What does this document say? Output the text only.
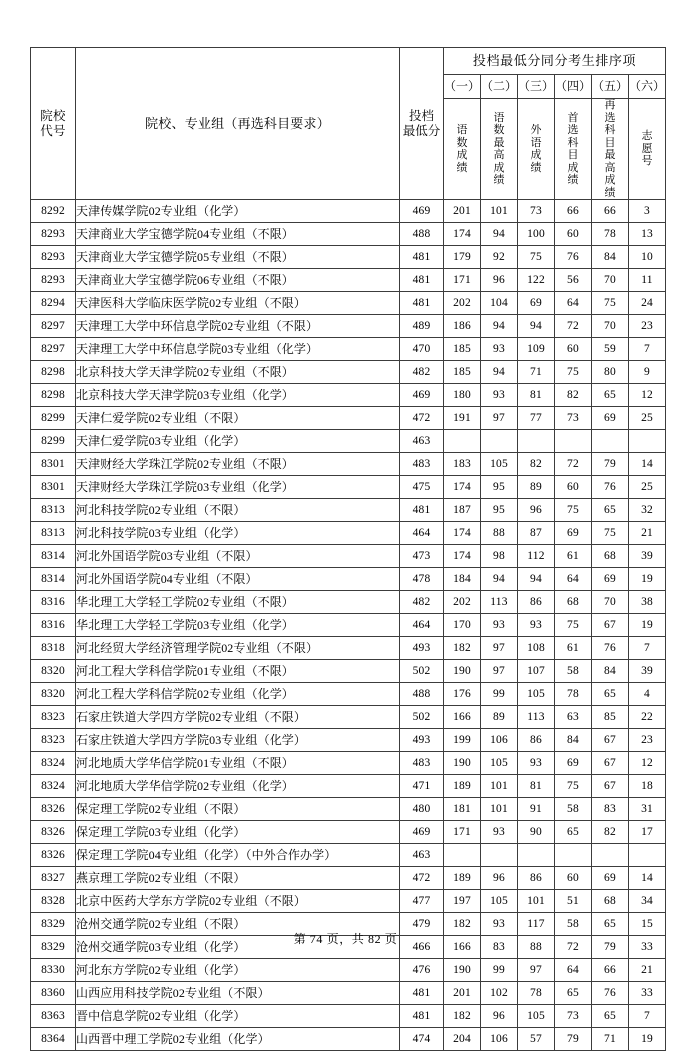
院校
代号	院校、专业组（再选科目要求）	投档
最低分	投档最低分同分考生排序项					
			（一）	（二）	（三）	（四）	（五）	（六）

			语数成绩	语数最高成绩	外语成绩	首选科目成绩	再选科目最高成绩	志愿号

8292	天津传媒学院02专业组（化学）	469	201	101	73	66	66	3
8293	天津商业大学宝德学院04专业组（不限）	488	174	94	100	60	78	13
8293	天津商业大学宝德学院05专业组（不限）	481	179	92	75	76	84	10
8293	天津商业大学宝德学院06专业组（不限）	481	171	96	122	56	70	11
8294	天津医科大学临床医学院02专业组（不限）	481	202	104	69	64	75	24
8297	天津理工大学中环信息学院02专业组（不限）	489	186	94	94	72	70	23
8297	天津理工大学中环信息学院03专业组（化学）	470	185	93	109	60	59	7
8298	北京科技大学天津学院02专业组（不限）	482	185	94	71	75	80	9
8298	北京科技大学天津学院03专业组（化学）	469	180	93	81	82	65	12
8299	天津仁爱学院02专业组（不限）	472	191	97	77	73	69	25
8299	天津仁爱学院03专业组（化学）	463						
8301	天津财经大学珠江学院02专业组（不限）	483	183	105	82	72	79	14
8301	天津财经大学珠江学院03专业组（化学）	475	174	95	89	60	76	25
8313	河北科技学院02专业组（不限）	481	187	95	96	75	65	32
8313	河北科技学院03专业组（化学）	464	174	88	87	69	75	21
8314	河北外国语学院03专业组（不限）	473	174	98	112	61	68	39
8314	河北外国语学院04专业组（不限）	478	184	94	94	64	69	19
8316	华北理工大学轻工学院02专业组（不限）	482	202	113	86	68	70	38
8316	华北理工大学轻工学院03专业组（化学）	464	170	93	93	75	67	19
8318	河北经贸大学经济管理学院02专业组（不限）	493	182	97	108	61	76	7
8320	河北工程大学科信学院01专业组（不限）	502	190	97	107	58	84	39
8320	河北工程大学科信学院02专业组（化学）	488	176	99	105	78	65	4
8323	石家庄铁道大学四方学院02专业组（不限）	502	166	89	113	63	85	22
8323	石家庄铁道大学四方学院03专业组（化学）	493	199	106	86	84	67	23
8324	河北地质大学华信学院01专业组（不限）	483	190	105	93	69	67	12
8324	河北地质大学华信学院02专业组（化学）	471	189	101	81	75	67	18
8326	保定理工学院02专业组（不限）	480	181	101	91	58	83	31
8326	保定理工学院03专业组（化学）	469	171	93	90	65	82	17
8326	保定理工学院04专业组（化学）（中外合作办学）	463						
8327	燕京理工学院02专业组（不限）	472	189	96	86	60	69	14
8328	北京中医药大学东方学院02专业组（不限）	477	197	105	101	51	68	34
8329	沧州交通学院02专业组（不限）	479	182	93	117	58	65	15
8329	沧州交通学院03专业组（化学）	466	166	83	88	72	79	33
8330	河北东方学院02专业组（化学）	476	190	99	97	64	66	21
8360	山西应用科技学院02专业组（不限）	481	201	102	78	65	76	33
8363	晋中信息学院02专业组（化学）	481	182	96	105	73	65	7
8364	山西晋中理工学院02专业组（化学）	474	204	106	57	79	71	19
第 74 页，共 82 页
